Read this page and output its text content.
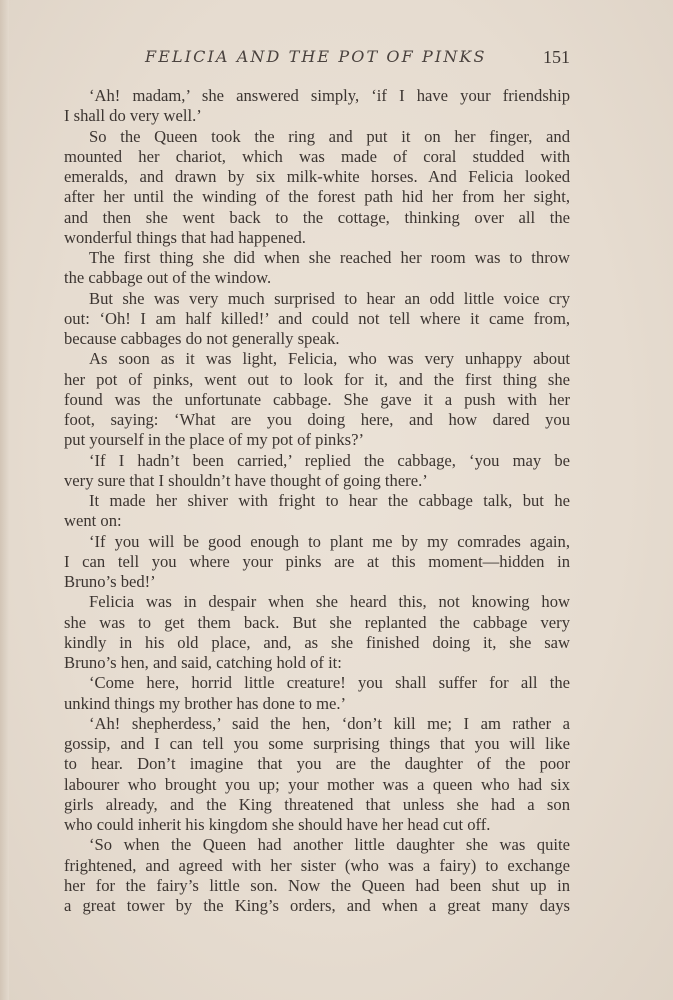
FELICIA AND THE POT OF PINKS	151
‘Ah! madam,’ she answered simply, ‘if I have your friendship
I shall do very well.’
So the Queen took the ring and put it on her finger, and
mounted her chariot, which was made of coral studded with
emeralds, and drawn by six milk-white horses. And Felicia looked
after her until the winding of the forest path hid her from her sight,
and then she went back to the cottage, thinking over all the
wonderful things that had happened.
The first thing she did when she reached her room was to throw
the cabbage out of the window.
But she was very much surprised to hear an odd little voice cry
out: ‘Oh! I am half killed!’ and could not tell where it came from,
because cabbages do not generally speak.
As soon as it was light, Felicia, who was very unhappy about
her pot of pinks, went out to look for it, and the first thing she
found was the unfortunate cabbage. She gave it a push with her
foot, saying: ‘What are you doing here, and how dared you
put yourself in the place of my pot of pinks?’
‘If I hadn’t been carried,’ replied the cabbage, ‘you may be
very sure that I shouldn’t have thought of going there.’
It made her shiver with fright to hear the cabbage talk, but he
went on:
‘If you will be good enough to plant me by my comrades again,
I can tell you where your pinks are at this moment—hidden in
Bruno’s bed!’
Felicia was in despair when she heard this, not knowing how
she was to get them back. But she replanted the cabbage very
kindly in his old place, and, as she finished doing it, she saw
Bruno’s hen, and said, catching hold of it:
‘Come here, horrid little creature! you shall suffer for all the
unkind things my brother has done to me.’
‘Ah! shepherdess,’ said the hen, ‘don’t kill me; I am rather a
gossip, and I can tell you some surprising things that you will like
to hear. Don’t imagine that you are the daughter of the poor
labourer who brought you up; your mother was a queen who had six
girls already, and the King threatened that unless she had a son
who could inherit his kingdom she should have her head cut off.
‘So when the Queen had another little daughter she was quite
frightened, and agreed with her sister (who was a fairy) to exchange
her for the fairy’s little son. Now the Queen had been shut up in
a great tower by the King’s orders, and when a great many days
